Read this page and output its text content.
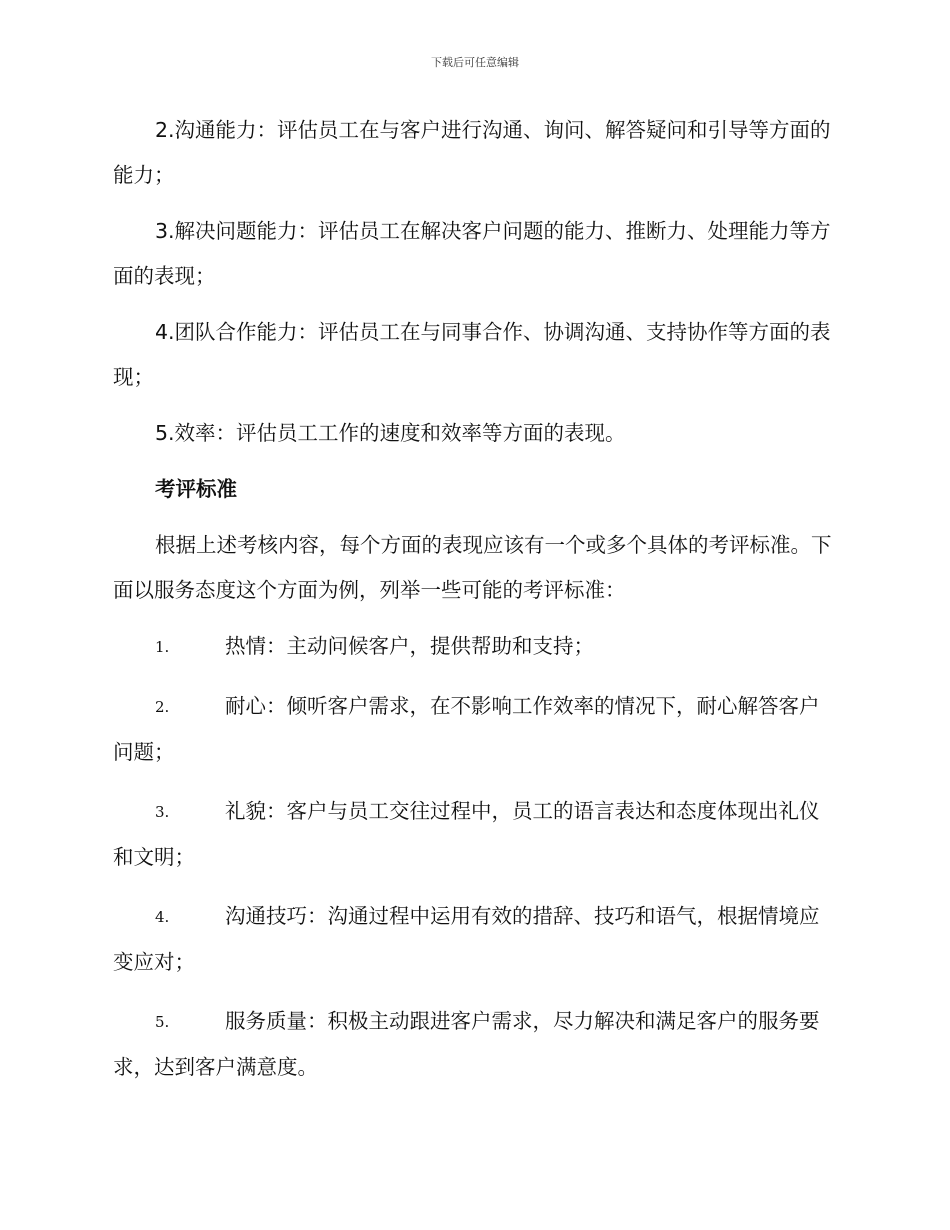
下载后可任意编辑

2.沟通能力：评估员工在与客户进行沟通、询问、解答疑问和引导等方面的能力；

3.解决问题能力：评估员工在解决客户问题的能力、推断力、处理能力等方面的表现；

4.团队合作能力：评估员工在与同事合作、协调沟通、支持协作等方面的表现；

5.效率：评估员工工作的速度和效率等方面的表现。

考评标准

根据上述考核内容，每个方面的表现应该有一个或多个具体的考评标准。下面以服务态度这个方面为例，列举一些可能的考评标准：

1.	热情：主动问候客户，提供帮助和支持；

2.	耐心：倾听客户需求，在不影响工作效率的情况下，耐心解答客户问题；

3.	礼貌：客户与员工交往过程中，员工的语言表达和态度体现出礼仪和文明；

4.	沟通技巧：沟通过程中运用有效的措辞、技巧和语气，根据情境应变应对；

5.	服务质量：积极主动跟进客户需求，尽力解决和满足客户的服务要求，达到客户满意度。
